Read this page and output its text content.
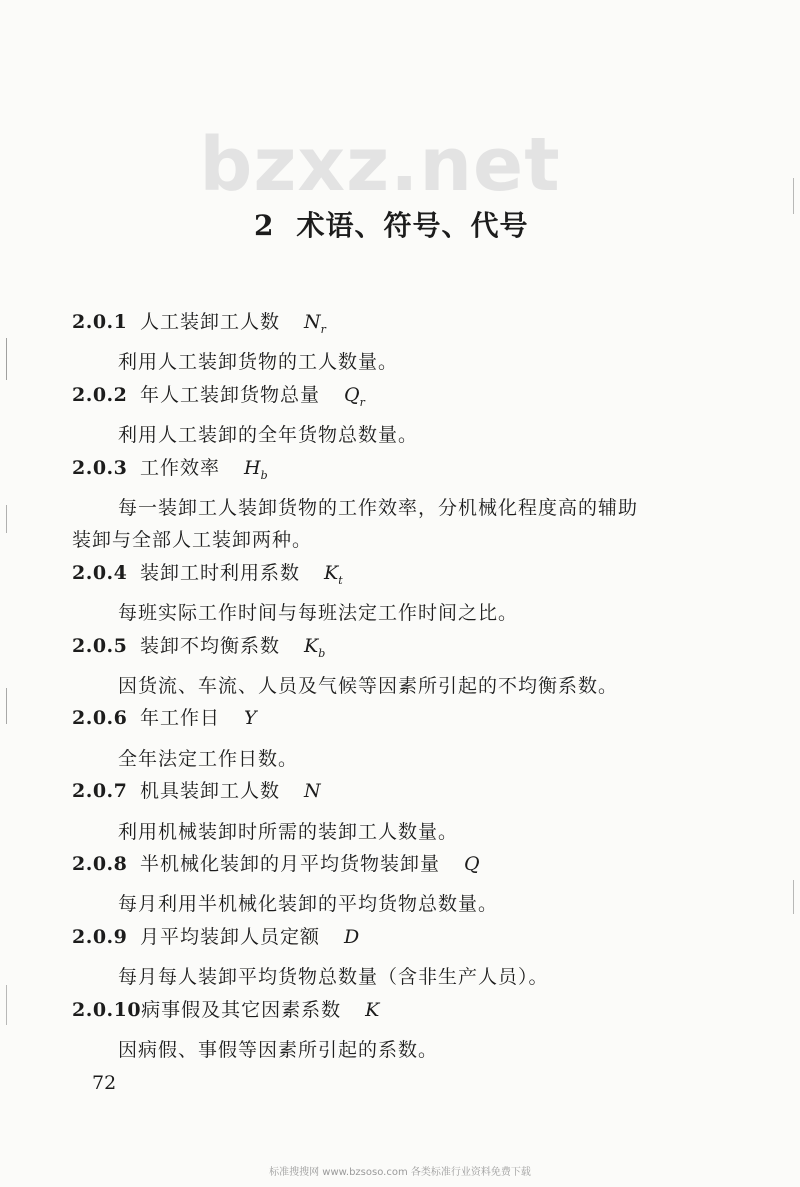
bzxz.net
2 术语、符号、代号
2.0.1 人工装卸工人数 $N_r$
利用人工装卸货物的工人数量。
2.0.2 年人工装卸货物总量 $Q_r$
利用人工装卸的全年货物总数量。
2.0.3 工作效率 $H_b$
每一装卸工人装卸货物的工作效率，分机械化程度高的辅助
装卸与全部人工装卸两种。
2.0.4 装卸工时利用系数 $K_t$
每班实际工作时间与每班法定工作时间之比。
2.0.5 装卸不均衡系数 $K_b$
因货流、车流、人员及气候等因素所引起的不均衡系数。
2.0.6 年工作日 Y
全年法定工作日数。
2.0.7 机具装卸工人数 N
利用机械装卸时所需的装卸工人数量。
2.0.8 半机械化装卸的月平均货物装卸量 Q
每月利用半机械化装卸的平均货物总数量。
2.0.9 月平均装卸人员定额 D
每月每人装卸平均货物总数量（含非生产人员）。
2.0.10病事假及其它因素系数 K
因病假、事假等因素所引起的系数。
72
标准搜搜网 www.bzsoso.com 各类标准行业资料免费下载
